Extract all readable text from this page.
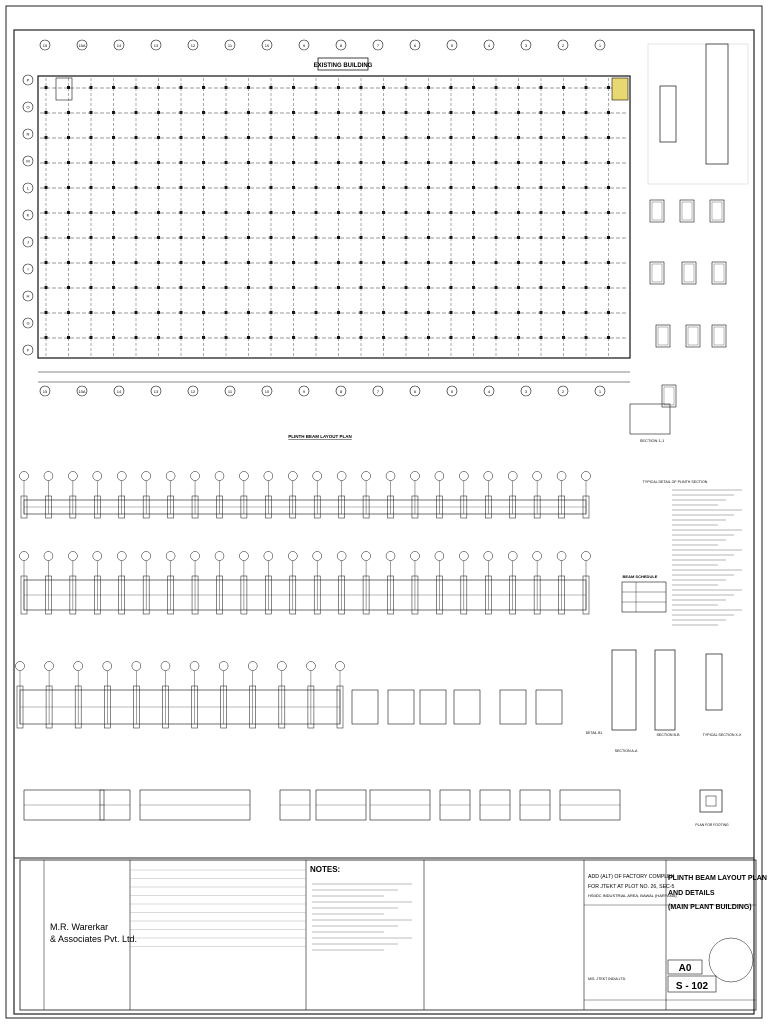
15	15A	14	13	12	11	10	9	8	7	6	5	4	3	2	1
15	15A	14	13	12	11	10	9	8	7	6	5	4	3	2	1
P
O
N
M
L
K
J
I
H
G
F
EXISTING BUILDING
PLINTH BEAM LAYOUT PLAN
SECTION 1-1
TYPICAL DETAIL OF PLINTH SECTION
BEAM SCHEDULE
SECTION A-A
SECTION B-B	TYPICAL SECTION X-X
PLAN FOR FOOTING
DETAIL B1
M.R. Warerkar
& Associates Pvt. Ltd.
NOTES:
ADD (ALT) OF FACTORY COMPLEX
FOR JTEKT AT PLOT NO. 26, SEC-5
HSIIDC INDUSTRIAL AREA, BAWAL (HARYANA)
M/S. JTEKT INDIA LTD.
PLINTH BEAM LAYOUT PLAN
AND DETAILS
(MAIN PLANT BUILDING)
A0
S - 102
